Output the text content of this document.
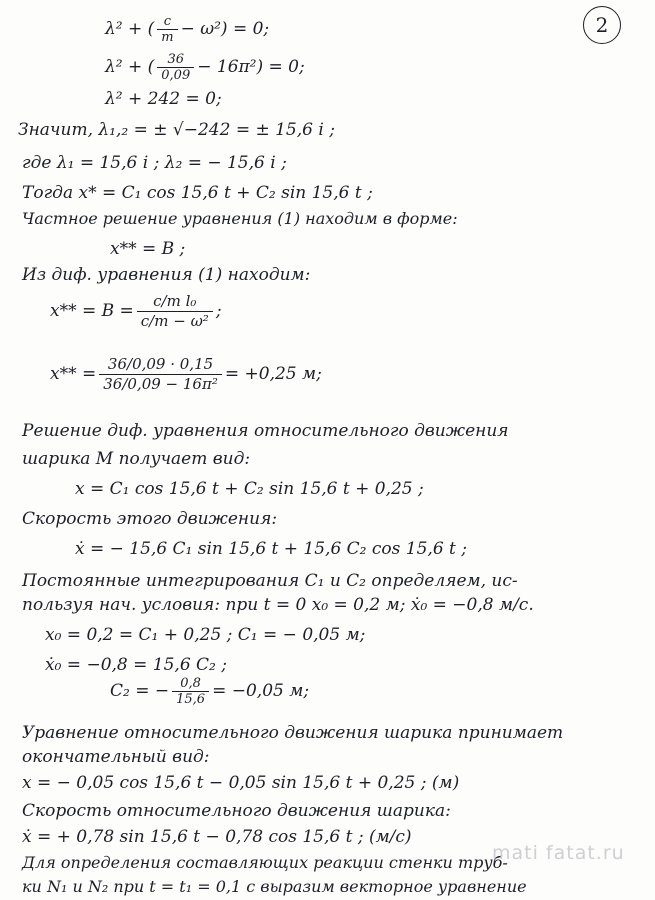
2
λ² + ( $\frac{c}{m} - \omega^2) = 0$;
λ² + ( $\frac{36}{0,09} - 16\pi^2) = 0$;
λ² + 242 = 0;
Значит, λ₁,₂ = ± √−242 = ± 15,6 i ;
где λ₁ = 15,6 i ; λ₂ = − 15,6 i ;
Тогда x* = C₁ cos 15,6 t + C₂ sin 15,6 t ;
Частное решение уравнения (1) находим в форме:
x** = B ;
Из диф. уравнения (1) находим:
$x** = B = \frac{\text{c/m l₀}}{\text{c/m − ω²}}$ ;
$x** = \frac{36/0,09 \cdot 0,15}{\text{36/0,09 − 16π²}} = +0,25$ м;
Решение диф. уравнения относительного движения
шарика M получает вид:
x = C₁ cos 15,6 t + C₂ sin 15,6 t + 0,25 ;
Скорость этого движения:
ẋ = − 15,6 C₁ sin 15,6 t + 15,6 C₂ cos 15,6 t ;
Постоянные интегрирования C₁ и C₂ определяем, ис-
пользуя нач. условия: при t = 0 x₀ = 0,2 м; ẋ₀ = −0,8 м/с.
x₀ = 0,2 = C₁ + 0,25 ; C₁ = − 0,05 м;
ẋ₀ = −0,8 = 15,6 C₂ ;
C₂ = − $\frac{0,8}{15,6} = -0,05$ м;
Уравнение относительного движения шарика принимает
окончательный вид:
x = − 0,05 cos 15,6 t − 0,05 sin 15,6 t + 0,25 ; (м)
Скорость относительного движения шарика:
ẋ = + 0,78 sin 15,6 t − 0,78 cos 15,6 t ; (м/с)
Для определения составляющих реакции стенки труб-
ки N₁ и N₂ при t = t₁ = 0,1 с выразим векторное уравнение
mati fatat.ru
